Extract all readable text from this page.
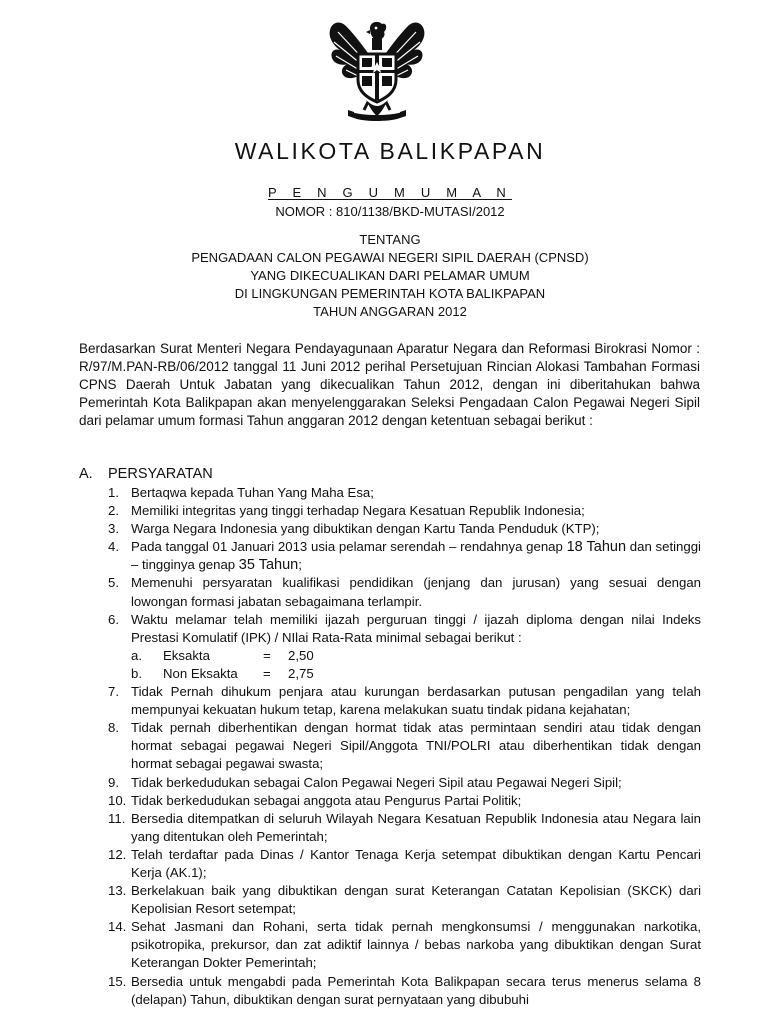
WALIKOTA BALIKPAPAN
P E N G U M U M A N
NOMOR : 810/1138/BKD-MUTASI/2012
TENTANG
PENGADAAN CALON PEGAWAI NEGERI SIPIL DAERAH (CPNSD)
YANG DIKECUALIKAN DARI PELAMAR UMUM
DI LINGKUNGAN PEMERINTAH KOTA BALIKPAPAN
TAHUN ANGGARAN 2012
Berdasarkan Surat Menteri Negara Pendayagunaan Aparatur Negara dan Reformasi Birokrasi Nomor : R/97/M.PAN-RB/06/2012 tanggal 11 Juni 2012 perihal Persetujuan Rincian Alokasi Tambahan Formasi CPNS Daerah Untuk Jabatan yang dikecualikan Tahun 2012, dengan ini diberitahukan bahwa Pemerintah Kota Balikpapan akan menyelenggarakan Seleksi Pengadaan Calon Pegawai Negeri Sipil dari pelamar umum formasi Tahun anggaran 2012 dengan ketentuan sebagai berikut :
A. PERSYARATAN
1. Bertaqwa kepada Tuhan Yang Maha Esa;
2. Memiliki integritas yang tinggi terhadap Negara Kesatuan Republik Indonesia;
3. Warga Negara Indonesia yang dibuktikan dengan Kartu Tanda Penduduk (KTP);
4. Pada tanggal 01 Januari 2013 usia pelamar serendah – rendahnya genap 18 Tahun dan setinggi – tingginya genap 35 Tahun;
5. Memenuhi persyaratan kualifikasi pendidikan (jenjang dan jurusan) yang sesuai dengan lowongan formasi jabatan sebagaimana terlampir.
6. Waktu melamar telah memiliki ijazah perguruan tinggi / ijazah diploma dengan nilai Indeks Prestasi Komulatif (IPK) / NIlai Rata-Rata minimal sebagai berikut :
a.	Eksakta	=	2,50
b.	Non Eksakta	=	2,75
7. Tidak Pernah dihukum penjara atau kurungan berdasarkan putusan pengadilan yang telah mempunyai kekuatan hukum tetap, karena melakukan suatu tindak pidana kejahatan;
8. Tidak pernah diberhentikan dengan hormat tidak atas permintaan sendiri atau tidak dengan hormat sebagai pegawai Negeri Sipil/Anggota TNI/POLRI atau diberhentikan tidak dengan hormat sebagai pegawai swasta;
9. Tidak berkedudukan sebagai Calon Pegawai Negeri Sipil atau Pegawai Negeri Sipil;
10. Tidak berkedudukan sebagai anggota atau Pengurus Partai Politik;
11. Bersedia ditempatkan di seluruh Wilayah Negara Kesatuan Republik Indonesia atau Negara lain yang ditentukan oleh Pemerintah;
12. Telah terdaftar pada Dinas / Kantor Tenaga Kerja setempat dibuktikan dengan Kartu Pencari Kerja (AK.1);
13. Berkelakuan baik yang dibuktikan dengan surat Keterangan Catatan Kepolisian (SKCK) dari Kepolisian Resort setempat;
14. Sehat Jasmani dan Rohani, serta tidak pernah mengkonsumsi / menggunakan narkotika, psikotropika, prekursor, dan zat adiktif lainnya / bebas narkoba yang dibuktikan dengan Surat Keterangan Dokter Pemerintah;
15. Bersedia untuk mengabdi pada Pemerintah Kota Balikpapan secara terus menerus selama 8 (delapan) Tahun, dibuktikan dengan surat pernyataan yang dibubuhi
